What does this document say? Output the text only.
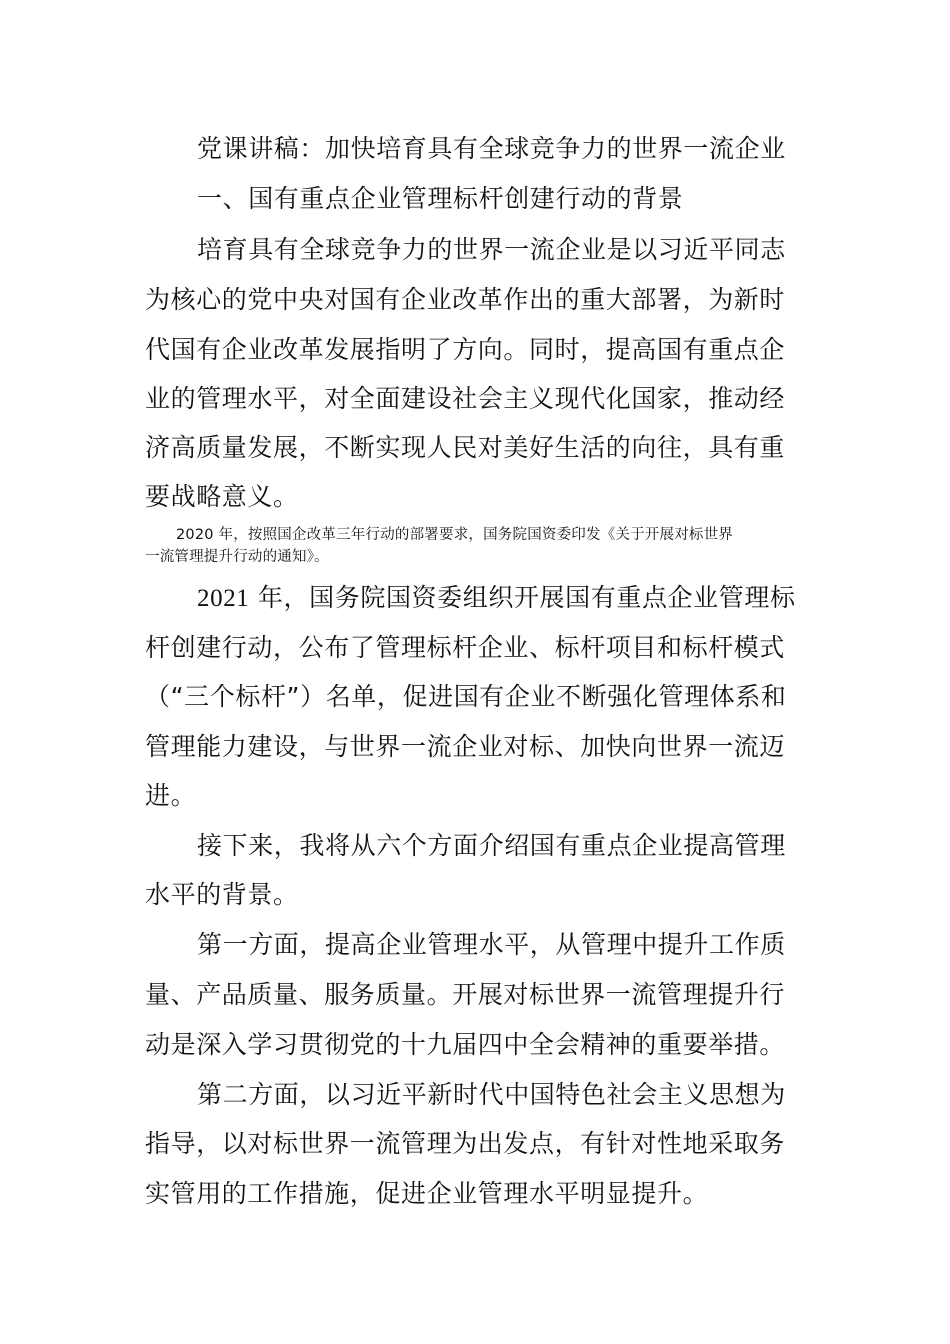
党课讲稿：加快培育具有全球竞争力的世界一流企业

一、国有重点企业管理标杆创建行动的背景

培育具有全球竞争力的世界一流企业是以习近平同志

为核心的党中央对国有企业改革作出的重大部署，为新时

代国有企业改革发展指明了方向。同时，提高国有重点企

业的管理水平，对全面建设社会主义现代化国家，推动经

济高质量发展，不断实现人民对美好生活的向往，具有重

要战略意义。

2020 年，按照国企改革三年行动的部署要求，国务院国资委印发《关于开展对标世界

一流管理提升行动的通知》。

2021 年，国务院国资委组织开展国有重点企业管理标

杆创建行动，公布了管理标杆企业、标杆项目和标杆模式

（“三个标杆”）名单，促进国有企业不断强化管理体系和

管理能力建设，与世界一流企业对标、加快向世界一流迈

进。

接下来，我将从六个方面介绍国有重点企业提高管理

水平的背景。

第一方面，提高企业管理水平，从管理中提升工作质

量、产品质量、服务质量。开展对标世界一流管理提升行

动是深入学习贯彻党的十九届四中全会精神的重要举措。

第二方面，以习近平新时代中国特色社会主义思想为

指导，以对标世界一流管理为出发点，有针对性地采取务

实管用的工作措施，促进企业管理水平明显提升。
